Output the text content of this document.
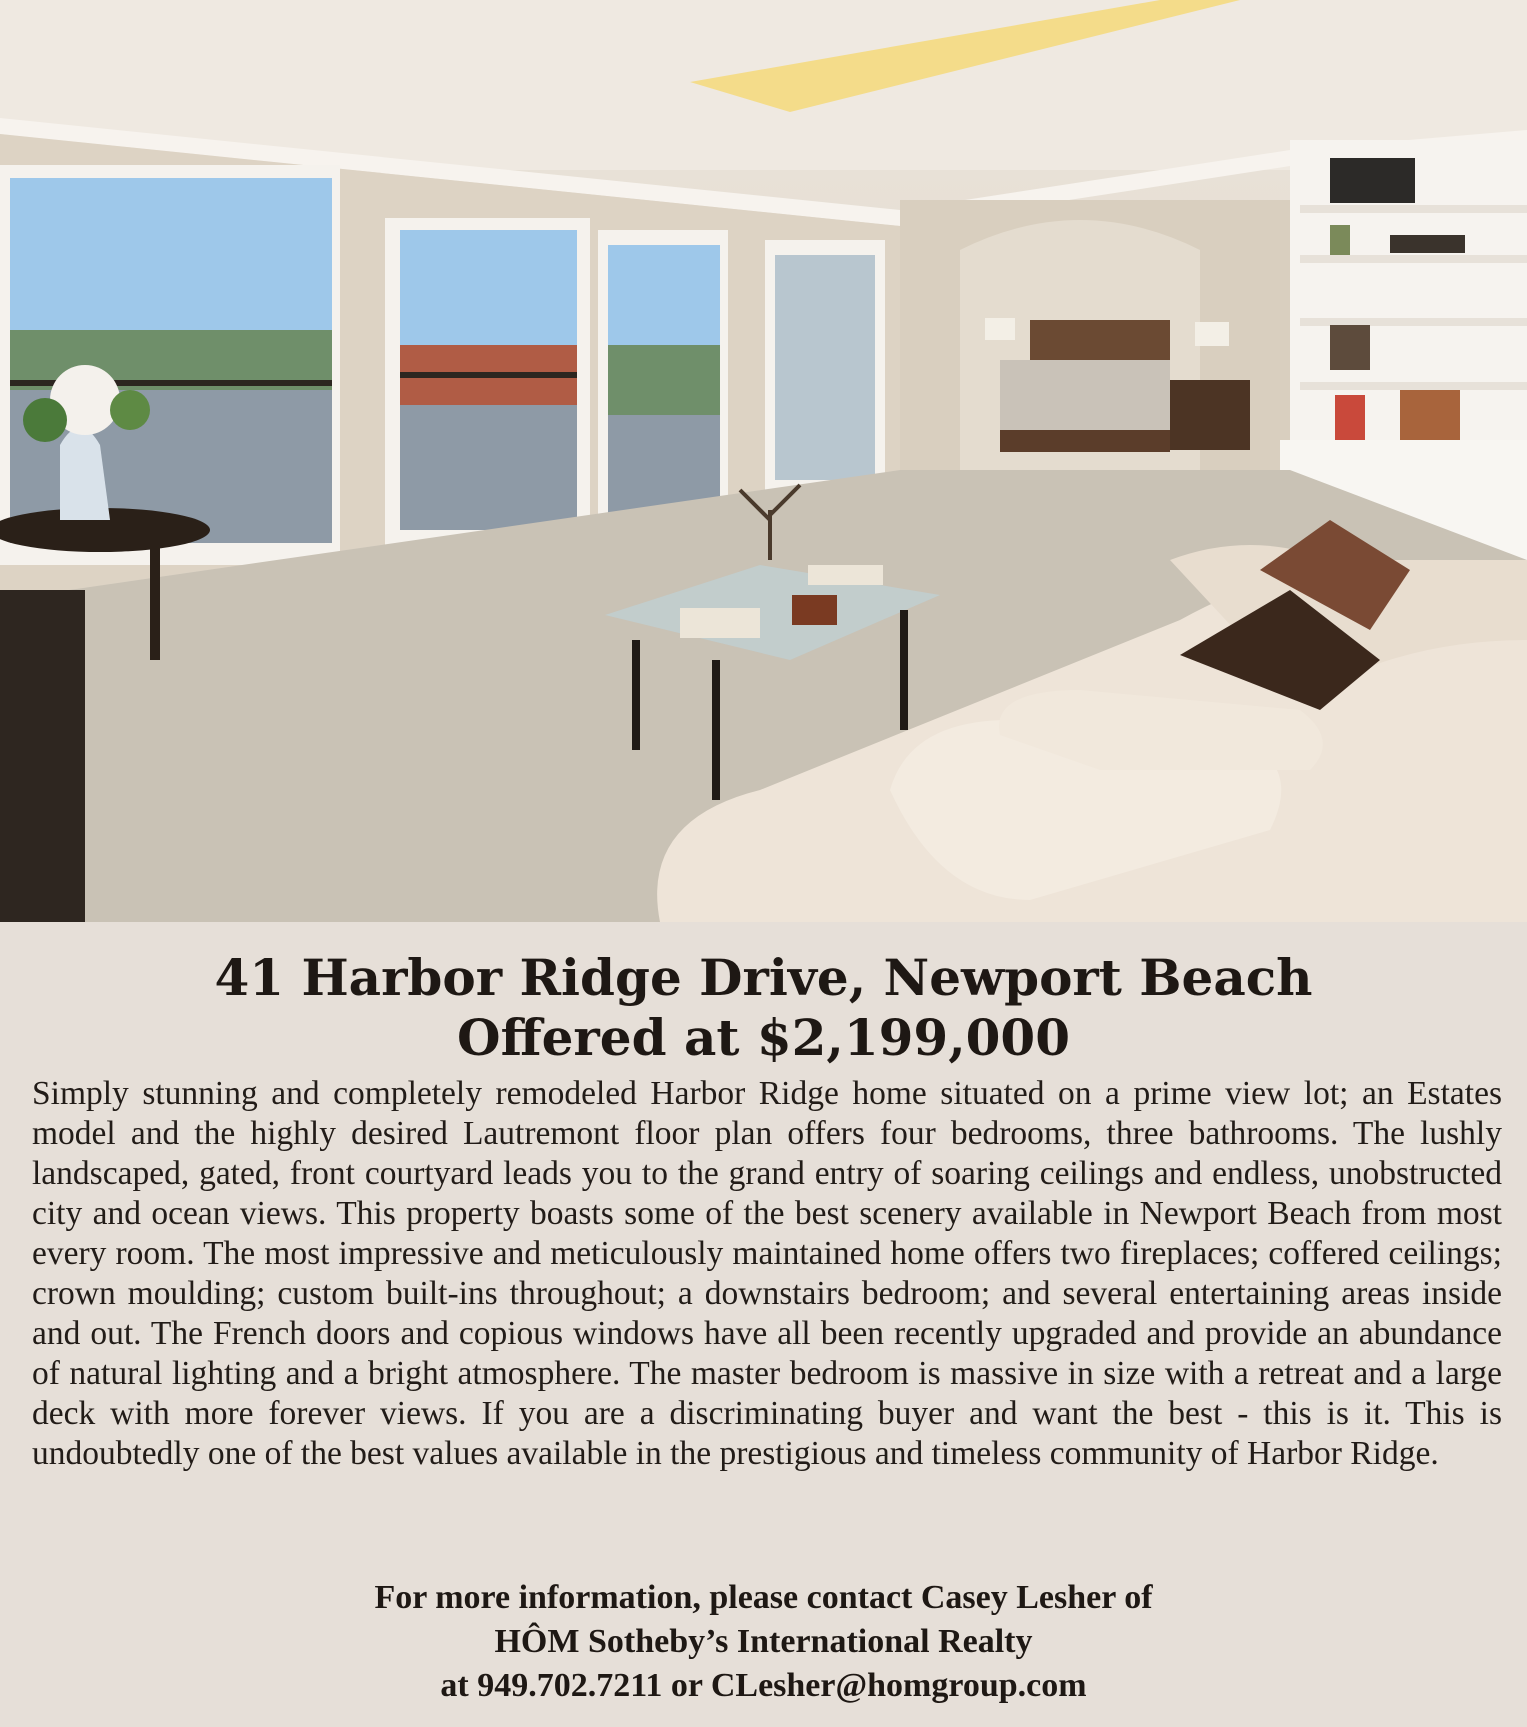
41 Harbor Ridge Drive, Newport Beach
Offered at $2,199,000

Simply stunning and completely remodeled Harbor Ridge home situated on a prime view lot; an Estates model and the highly desired Lautremont floor plan offers four bedrooms, three bathrooms. The lushly landscaped, gated, front courtyard leads you to the grand entry of soaring ceilings and endless, unobstructed city and ocean views. This property boasts some of the best scenery available in Newport Beach from most every room. The most impressive and meticulously maintained home offers two fireplaces; coffered ceilings; crown moulding; custom built-ins throughout; a downstairs bedroom; and several entertaining areas inside and out. The French doors and copious windows have all been recently upgraded and provide an abundance of natural lighting and a bright atmosphere. The master bedroom is massive in size with a retreat and a large deck with more forever views. If you are a discriminating buyer and want the best - this is it. This is undoubtedly one of the best values available in the prestigious and timeless community of Harbor Ridge.

For more information, please contact Casey Lesher of
HÔM Sotheby’s International Realty
at 949.702.7211 or CLesher@homgroup.com
